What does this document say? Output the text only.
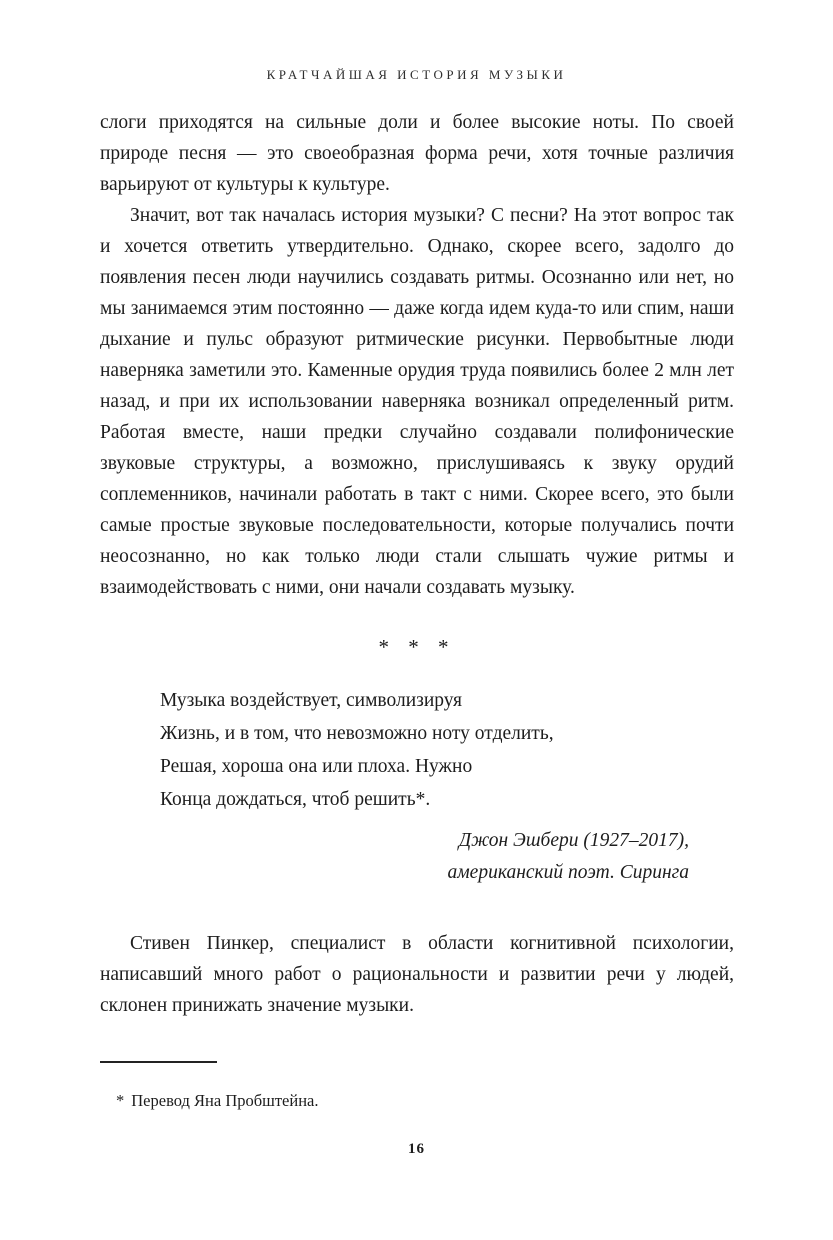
КРАТЧАЙШАЯ ИСТОРИЯ МУЗЫКИ

слоги приходятся на сильные доли и более высокие ноты. По своей природе песня — это своеобразная форма речи, хотя точные различия варьируют от культуры к культуре.

Значит, вот так началась история музыки? С песни? На этот вопрос так и хочется ответить утвердительно. Однако, скорее всего, задолго до появления песен люди научились создавать ритмы. Осознанно или нет, но мы занимаемся этим постоянно — даже когда идем куда-то или спим, наши дыхание и пульс образуют ритмические рисунки. Первобытные люди наверняка заметили это. Каменные орудия труда появились более 2 млн лет назад, и при их использовании наверняка возникал определенный ритм. Работая вместе, наши предки случайно создавали полифонические звуковые структуры, а возможно, прислушиваясь к звуку орудий соплеменников, начинали работать в такт с ними. Скорее всего, это были самые простые звуковые последовательности, которые получались почти неосознанно, но как только люди стали слышать чужие ритмы и взаимодействовать с ними, они начали создавать музыку.

* * *
Музыка воздействует, символизируя
Жизнь, и в том, что невозможно ноту отделить,
Решая, хороша она или плоха. Нужно
Конца дождаться, чтоб решить*.
Джон Эшбери (1927–2017),
американский поэт. Сиринга

Стивен Пинкер, специалист в области когнитивной психологии, написавший много работ о рациональности и развитии речи у людей, склонен принижать значение музыки.

* Перевод Яна Пробштейна.

16
